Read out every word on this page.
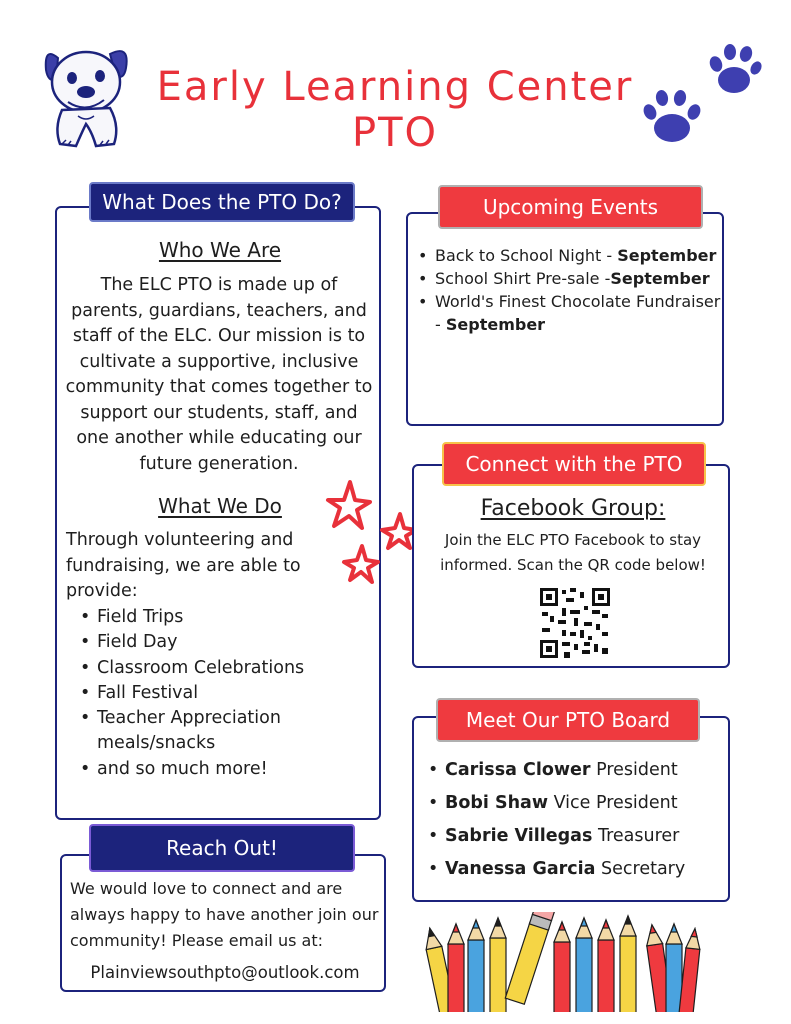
Early Learning Center
PTO
Who We Are
The ELC PTO is made up of parents, guardians, teachers, and staff of the ELC. Our mission is to cultivate a supportive, inclusive community that comes together to support our students, staff, and one another while educating our future generation.
What We Do
Through volunteering and fundraising, we are able to provide:
• Field Trips
• Field Day
• Classroom Celebrations
• Fall Festival
• Teacher Appreciation meals/snacks
• and so much more!
What Does the PTO Do?
• Back to School Night - September
• School Shirt Pre-sale -September
• World's Finest Chocolate Fundraiser - September
Upcoming Events
Facebook Group:
Join the ELC PTO Facebook to stay informed. Scan the QR code below!
Connect with the PTO
• Carissa Clower President
• Bobi Shaw Vice President
• Sabrie Villegas Treasurer
• Vanessa Garcia Secretary
Meet Our PTO Board
We would love to connect and are always happy to have another join our community! Please email us at:
Plainviewsouthpto@outlook.com
Reach Out!
